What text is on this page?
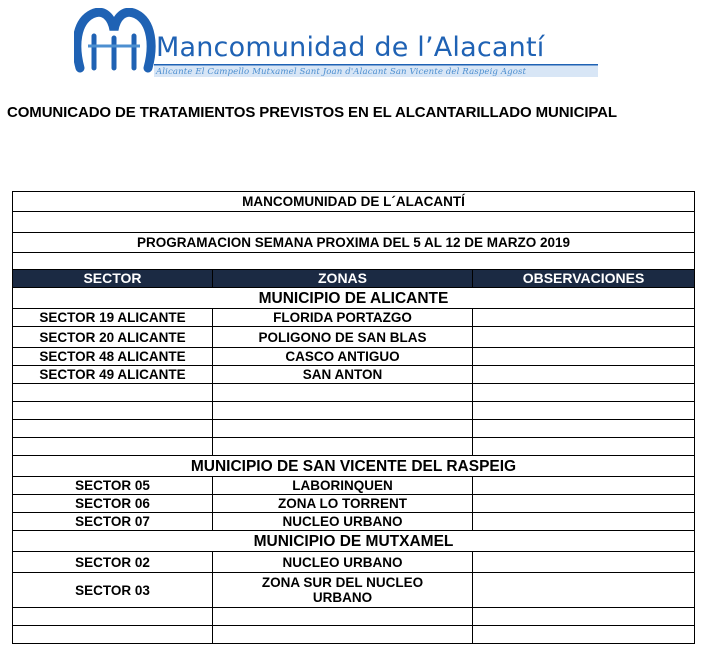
Mancomunidad de l’Alacantí
Alicante El Campello Mutxamel Sant Joan d'Alacant San Vicente del Raspeig Agost
COMUNICADO DE TRATAMIENTOS PREVISTOS EN EL ALCANTARILLADO MUNICIPAL
MANCOMUNIDAD DE L´ALACANTÍ		

PROGRAMACION SEMANA PROXIMA DEL 5 AL 12 DE MARZO 2019		

SECTOR	ZONAS	OBSERVACIONES
MUNICIPIO DE ALICANTE		
SECTOR 19 ALICANTE	FLORIDA PORTAZGO	
SECTOR 20 ALICANTE	POLIGONO DE SAN BLAS	
SECTOR 48 ALICANTE	CASCO ANTIGUO	
SECTOR 49 ALICANTE	SAN ANTON	

MUNICIPIO DE SAN VICENTE DEL RASPEIG		
SECTOR 05	LABORINQUEN	
SECTOR 06	ZONA LO TORRENT	
SECTOR 07	NUCLEO URBANO	
MUNICIPIO DE MUTXAMEL		
SECTOR 02	NUCLEO URBANO	
SECTOR 03	ZONA SUR DEL NUCLEO
URBANO	
